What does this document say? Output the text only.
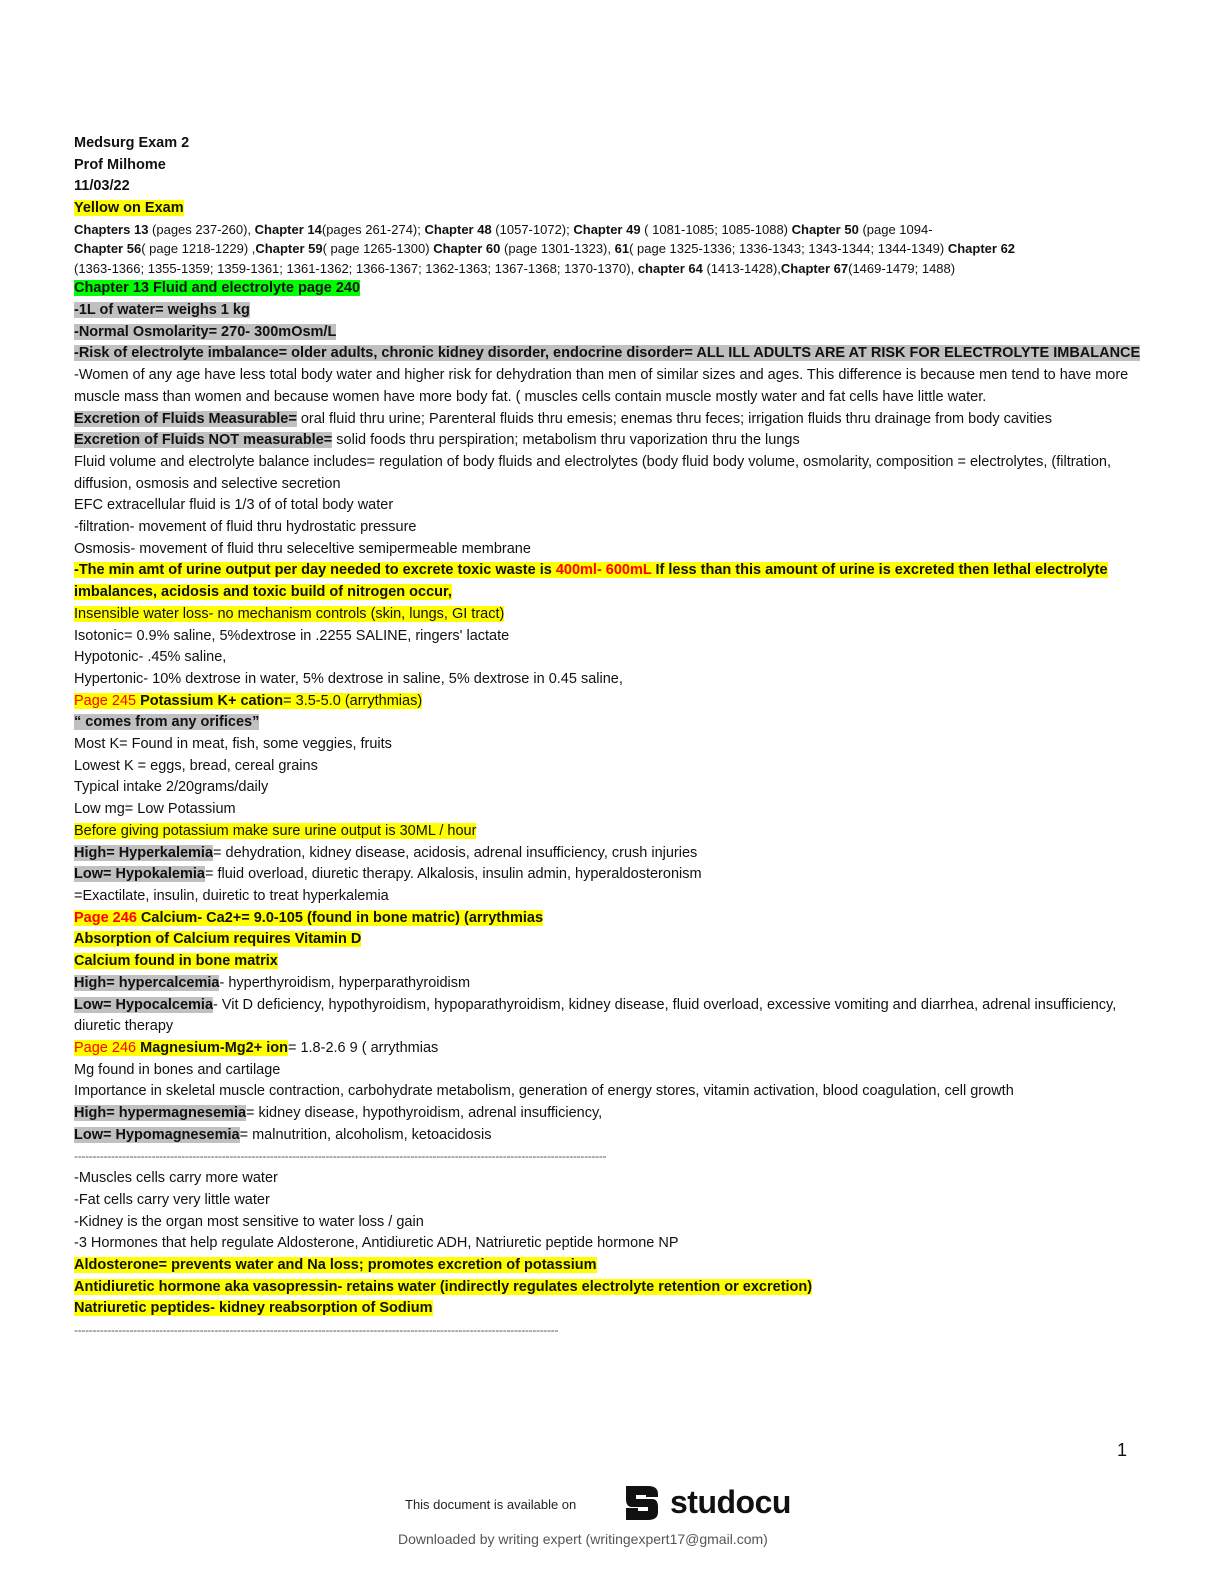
Medsurg Exam 2
Prof Milhome
11/03/22
Yellow on Exam
Chapters 13 (pages 237-260), Chapter 14(pages 261-274); Chapter 48 (1057-1072); Chapter 49 ( 1081-1085; 1085-1088) Chapter 50 (page 1094-
Chapter 56( page 1218-1229) ,Chapter 59( page 1265-1300) Chapter 60 (page 1301-1323), 61( page 1325-1336; 1336-1343; 1343-1344; 1344-1349) Chapter 62
(1363-1366; 1355-1359; 1359-1361; 1361-1362; 1366-1367; 1362-1363; 1367-1368; 1370-1370), chapter 64 (1413-1428),Chapter 67(1469-1479; 1488)
Chapter 13 Fluid and electrolyte page 240
-1L of water= weighs 1 kg
-Normal Osmolarity= 270- 300mOsm/L
-Risk of electrolyte imbalance= older adults, chronic kidney disorder, endocrine disorder= ALL ILL ADULTS ARE AT RISK FOR ELECTROLYTE IMBALANCE
-Women of any age have less total body water and higher risk for dehydration than men of similar sizes and ages. This difference is because men tend to have more muscle mass than women and because women have more body fat. ( muscles cells contain muscle mostly water and fat cells have little water.
Excretion of Fluids Measurable= oral fluid thru urine; Parenteral fluids thru emesis; enemas thru feces; irrigation fluids thru drainage from body cavities
Excretion of Fluids NOT measurable= solid foods thru perspiration; metabolism thru vaporization thru the lungs
Fluid volume and electrolyte balance includes= regulation of body fluids and electrolytes (body fluid body volume, osmolarity, composition = electrolytes, (filtration, diffusion, osmosis and selective secretion
EFC extracellular fluid is 1/3 of of total body water
-filtration- movement of fluid thru hydrostatic pressure
Osmosis- movement of fluid thru seleceltive semipermeable membrane
-The min amt of urine output per day needed to excrete toxic waste is 400ml- 600mL If less than this amount of urine is excreted then lethal electrolyte imbalances, acidosis and toxic build of nitrogen occur,
Insensible water loss- no mechanism controls (skin, lungs, GI tract)
Isotonic= 0.9% saline, 5%dextrose in .2255 SALINE, ringers' lactate
Hypotonic- .45% saline,
Hypertonic- 10% dextrose in water, 5% dextrose in saline, 5% dextrose in 0.45 saline,
Page 245 Potassium K+ cation= 3.5-5.0 (arrythmias)
“ comes from any orifices”
Most K= Found in meat, fish, some veggies, fruits
Lowest K = eggs, bread, cereal grains
Typical intake 2/20grams/daily
Low mg= Low Potassium
Before giving potassium make sure urine output is 30ML / hour
High= Hyperkalemia= dehydration, kidney disease, acidosis, adrenal insufficiency, crush injuries
Low= Hypokalemia= fluid overload, diuretic therapy. Alkalosis, insulin admin, hyperaldosteronism
=Exactilate, insulin, duiretic to treat hyperkalemia
Page 246 Calcium- Ca2+= 9.0-105 (found in bone matric) (arrythmias
Absorption of Calcium requires Vitamin D
Calcium found in bone matrix
High= hypercalcemia- hyperthyroidism, hyperparathyroidism
Low= Hypocalcemia- Vit D deficiency, hypothyroidism, hypoparathyroidism, kidney disease, fluid overload, excessive vomiting and diarrhea, adrenal insufficiency, diuretic therapy
Page 246 Magnesium-Mg2+ ion= 1.8-2.6 9 ( arrythmias
Mg found in bones and cartilage
Importance in skeletal muscle contraction, carbohydrate metabolism, generation of energy stores, vitamin activation, blood coagulation, cell growth
High= hypermagnesemia= kidney disease, hypothyroidism, adrenal insufficiency,
Low= Hypomagnesemia= malnutrition, alcoholism, ketoacidosis
------------------------------------------------------------------------------------------------------------------------------------------------
-Muscles cells carry more water
-Fat cells carry very little water
-Kidney is the organ most sensitive to water loss / gain
-3 Hormones that help regulate Aldosterone, Antidiuretic ADH, Natriuretic peptide hormone NP
Aldosterone= prevents water and Na loss; promotes excretion of potassium
Antidiuretic hormone aka vasopressin- retains water (indirectly regulates electrolyte retention or excretion)
Natriuretic peptides- kidney reabsorption of Sodium
-----------------------------------------------------------------------------------------------------------------------------------
1
This document is available on	studocu
Downloaded by writing expert (writingexpert17@gmail.com)
